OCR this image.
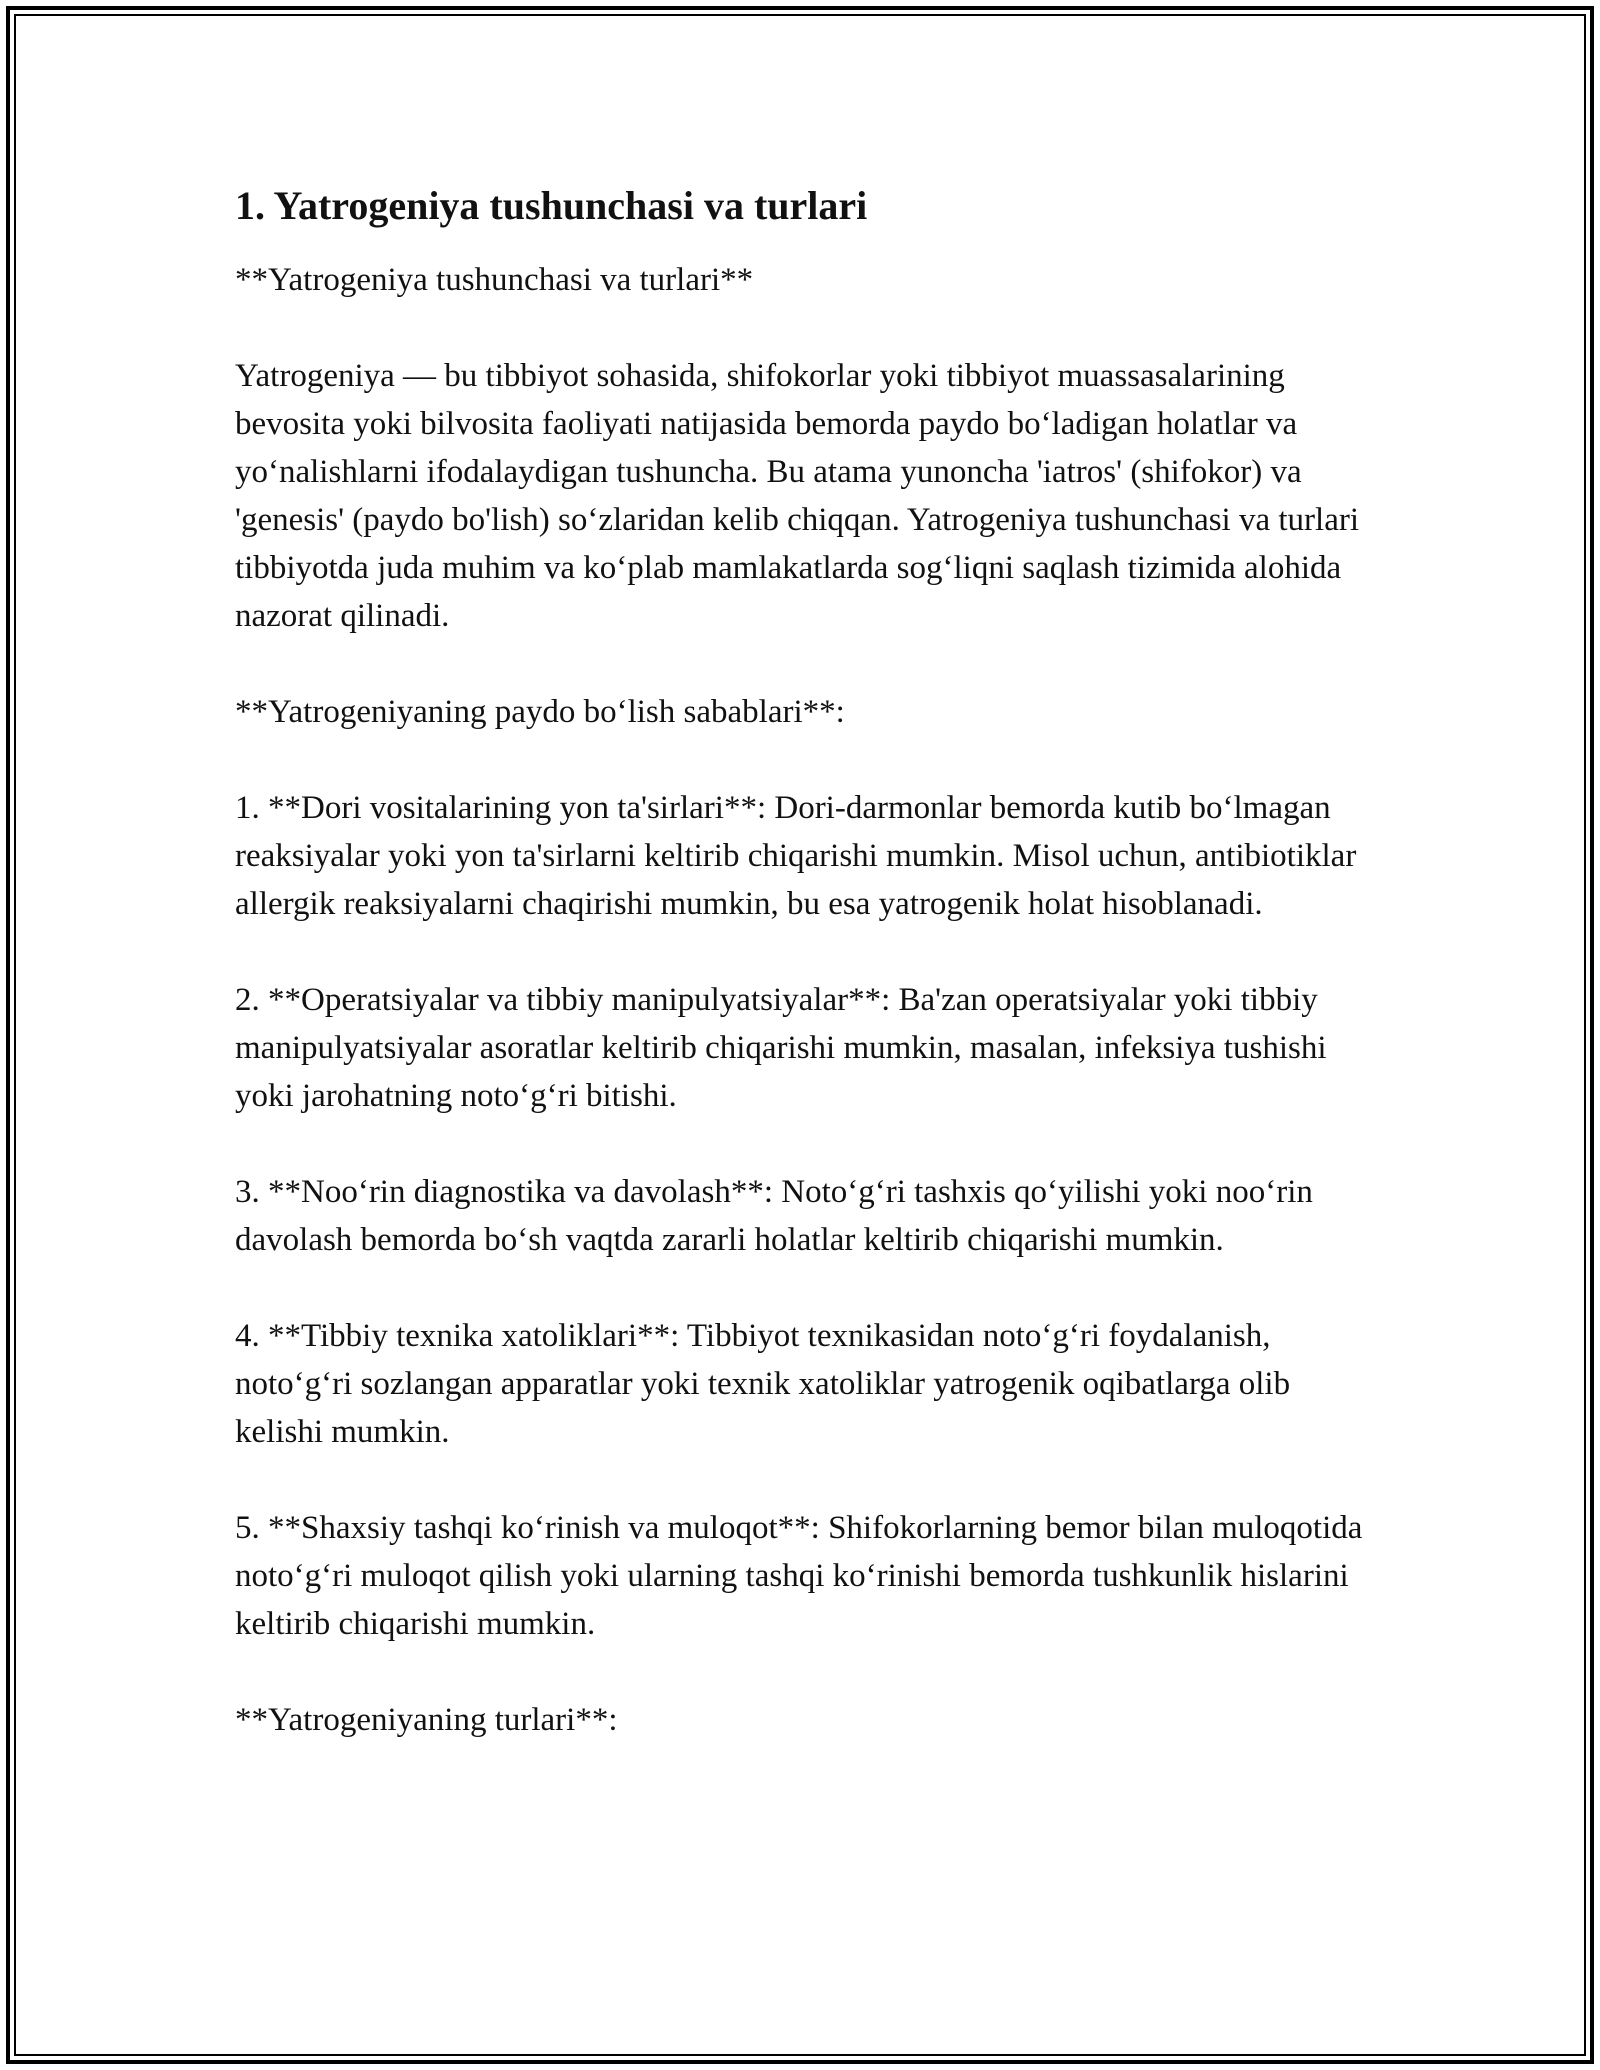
1. Yatrogeniya tushunchasi va turlari

**Yatrogeniya tushunchasi va turlari**

Yatrogeniya — bu tibbiyot sohasida, shifokorlar yoki tibbiyot muassasalarining bevosita yoki bilvosita faoliyati natijasida bemorda paydo bo‘ladigan holatlar va yo‘nalishlarni ifodalaydigan tushuncha. Bu atama yunoncha 'iatros' (shifokor) va 'genesis' (paydo bo'lish) so‘zlaridan kelib chiqqan. Yatrogeniya tushunchasi va turlari tibbiyotda juda muhim va ko‘plab mamlakatlarda sog‘liqni saqlash tizimida alohida nazorat qilinadi.

**Yatrogeniyaning paydo bo‘lish sabablari**:

1. **Dori vositalarining yon ta'sirlari**: Dori-darmonlar bemorda kutib bo‘lmagan reaksiyalar yoki yon ta'sirlarni keltirib chiqarishi mumkin. Misol uchun, antibiotiklar allergik reaksiyalarni chaqirishi mumkin, bu esa yatrogenik holat hisoblanadi.

2. **Operatsiyalar va tibbiy manipulyatsiyalar**: Ba'zan operatsiyalar yoki tibbiy manipulyatsiyalar asoratlar keltirib chiqarishi mumkin, masalan, infeksiya tushishi yoki jarohatning noto‘g‘ri bitishi.

3. **Noo‘rin diagnostika va davolash**: Noto‘g‘ri tashxis qo‘yilishi yoki noo‘rin davolash bemorda bo‘sh vaqtda zararli holatlar keltirib chiqarishi mumkin.

4. **Tibbiy texnika xatoliklari**: Tibbiyot texnikasidan noto‘g‘ri foydalanish, noto‘g‘ri sozlangan apparatlar yoki texnik xatoliklar yatrogenik oqibatlarga olib kelishi mumkin.

5. **Shaxsiy tashqi ko‘rinish va muloqot**: Shifokorlarning bemor bilan muloqotida noto‘g‘ri muloqot qilish yoki ularning tashqi ko‘rinishi bemorda tushkunlik hislarini keltirib chiqarishi mumkin.

**Yatrogeniyaning turlari**:
